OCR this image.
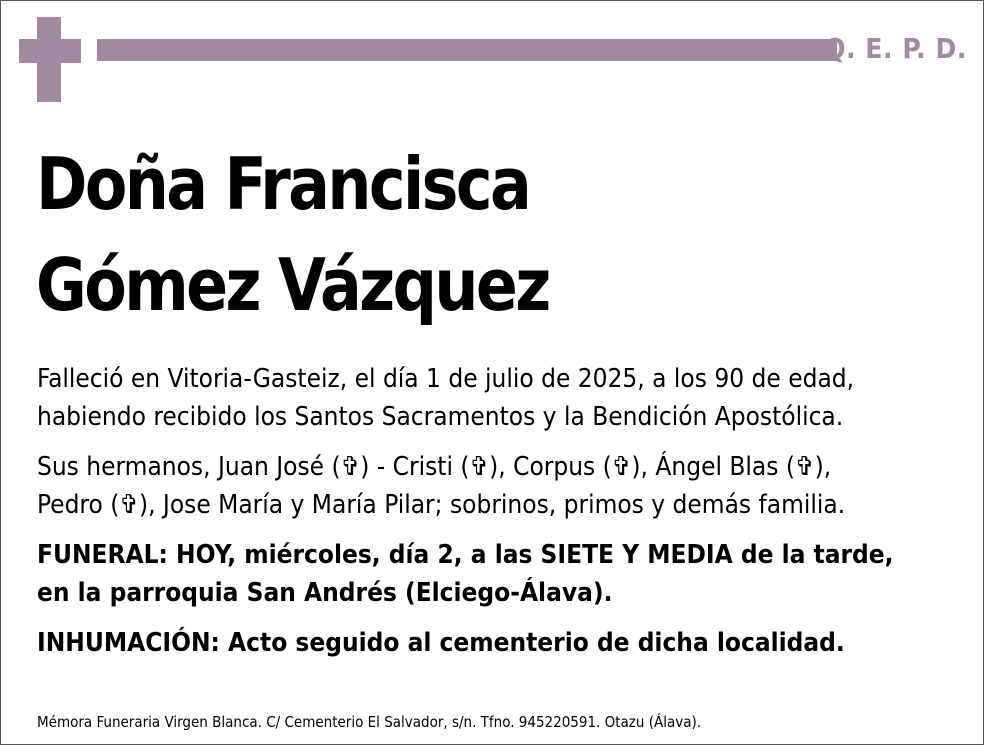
Q. E. P. D.
Doña Francisca
Gómez Vázquez

Falleció en Vitoria-Gasteiz, el día 1 de julio de 2025, a los 90 de edad,
habiendo recibido los Santos Sacramentos y la Bendición Apostólica.

Sus hermanos, Juan José (✞) - Cristi (✞), Corpus (✞), Ángel Blas (✞),
Pedro (✞), Jose María y María Pilar; sobrinos, primos y demás familia.

FUNERAL: HOY, miércoles, día 2, a las SIETE Y MEDIA de la tarde,
en la parroquia San Andrés (Elciego-Álava).

INHUMACIÓN: Acto seguido al cementerio de dicha localidad.

Mémora Funeraria Virgen Blanca. C/ Cementerio El Salvador, s/n. Tfno. 945220591. Otazu (Álava).
